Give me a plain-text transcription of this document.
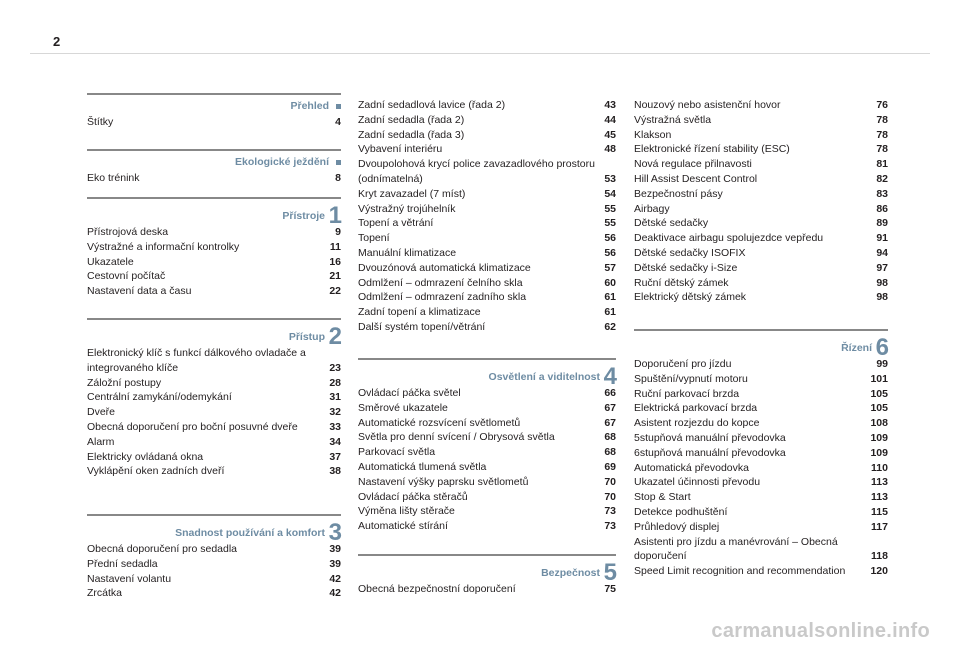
2
Přehled
Štítky	4
Ekologické ježdění
Eko trénink	8
Přístroje 1
Přístrojová deska	9
Výstražné a informační kontrolky	11
Ukazatele	16
Cestovní počítač	21
Nastavení data a času	22
Přístup 2
Elektronický klíč s funkcí dálkového ovladače a integrovaného klíče	23
Záložní postupy	28
Centrální zamykání/odemykání	31
Dveře	32
Obecná doporučení pro boční posuvné dveře	33
Alarm	34
Elektricky ovládaná okna	37
Vyklápění oken zadních dveří	38
Snadnost používání a komfort 3
Obecná doporučení pro sedadla	39
Přední sedadla	39
Nastavení volantu	42
Zrcátka	42
Zadní sedadlová lavice (řada 2)	43
Zadní sedadla (řada 2)	44
Zadní sedadla (řada 3)	45
Vybavení interiéru	48
Dvoupolohová krycí police zavazadlového prostoru (odnímatelná)	53
Kryt zavazadel (7 míst)	54
Výstražný trojúhelník	55
Topení a větrání	55
Topení	56
Manuální klimatizace	56
Dvouzónová automatická klimatizace	57
Odmlžení – odmrazení čelního skla	60
Odmlžení – odmrazení zadního skla	61
Zadní topení a klimatizace	61
Další systém topení/větrání	62
Osvětlení a viditelnost 4
Ovládací páčka světel	66
Směrové ukazatele	67
Automatické rozsvícení světlometů	67
Světla pro denní svícení / Obrysová světla	68
Parkovací světla	68
Automatická tlumená světla	69
Nastavení výšky paprsku světlometů	70
Ovládací páčka stěračů	70
Výměna lišty stěrače	73
Automatické stírání	73
Bezpečnost 5
Obecná bezpečnostní doporučení	75
Nouzový nebo asistenční hovor	76
Výstražná světla	78
Klakson	78
Elektronické řízení stability (ESC)	78
Nová regulace přilnavosti	81
Hill Assist Descent Control	82
Bezpečnostní pásy	83
Airbagy	86
Dětské sedačky	89
Deaktivace airbagu spolujezdce vepředu	91
Dětské sedačky ISOFIX	94
Dětské sedačky i-Size	97
Ruční dětský zámek	98
Elektrický dětský zámek	98
Řízení 6
Doporučení pro jízdu	99
Spuštění/vypnutí motoru	101
Ruční parkovací brzda	105
Elektrická parkovací brzda	105
Asistent rozjezdu do kopce	108
5stupňová manuální převodovka	109
6stupňová manuální převodovka	109
Automatická převodovka	110
Ukazatel účinnosti převodu	113
Stop & Start	113
Detekce podhuštění	115
Průhledový displej	117
Asistenti pro jízdu a manévrování – Obecná doporučení	118
Speed Limit recognition and recommendation	120
carmanualsonline.info
